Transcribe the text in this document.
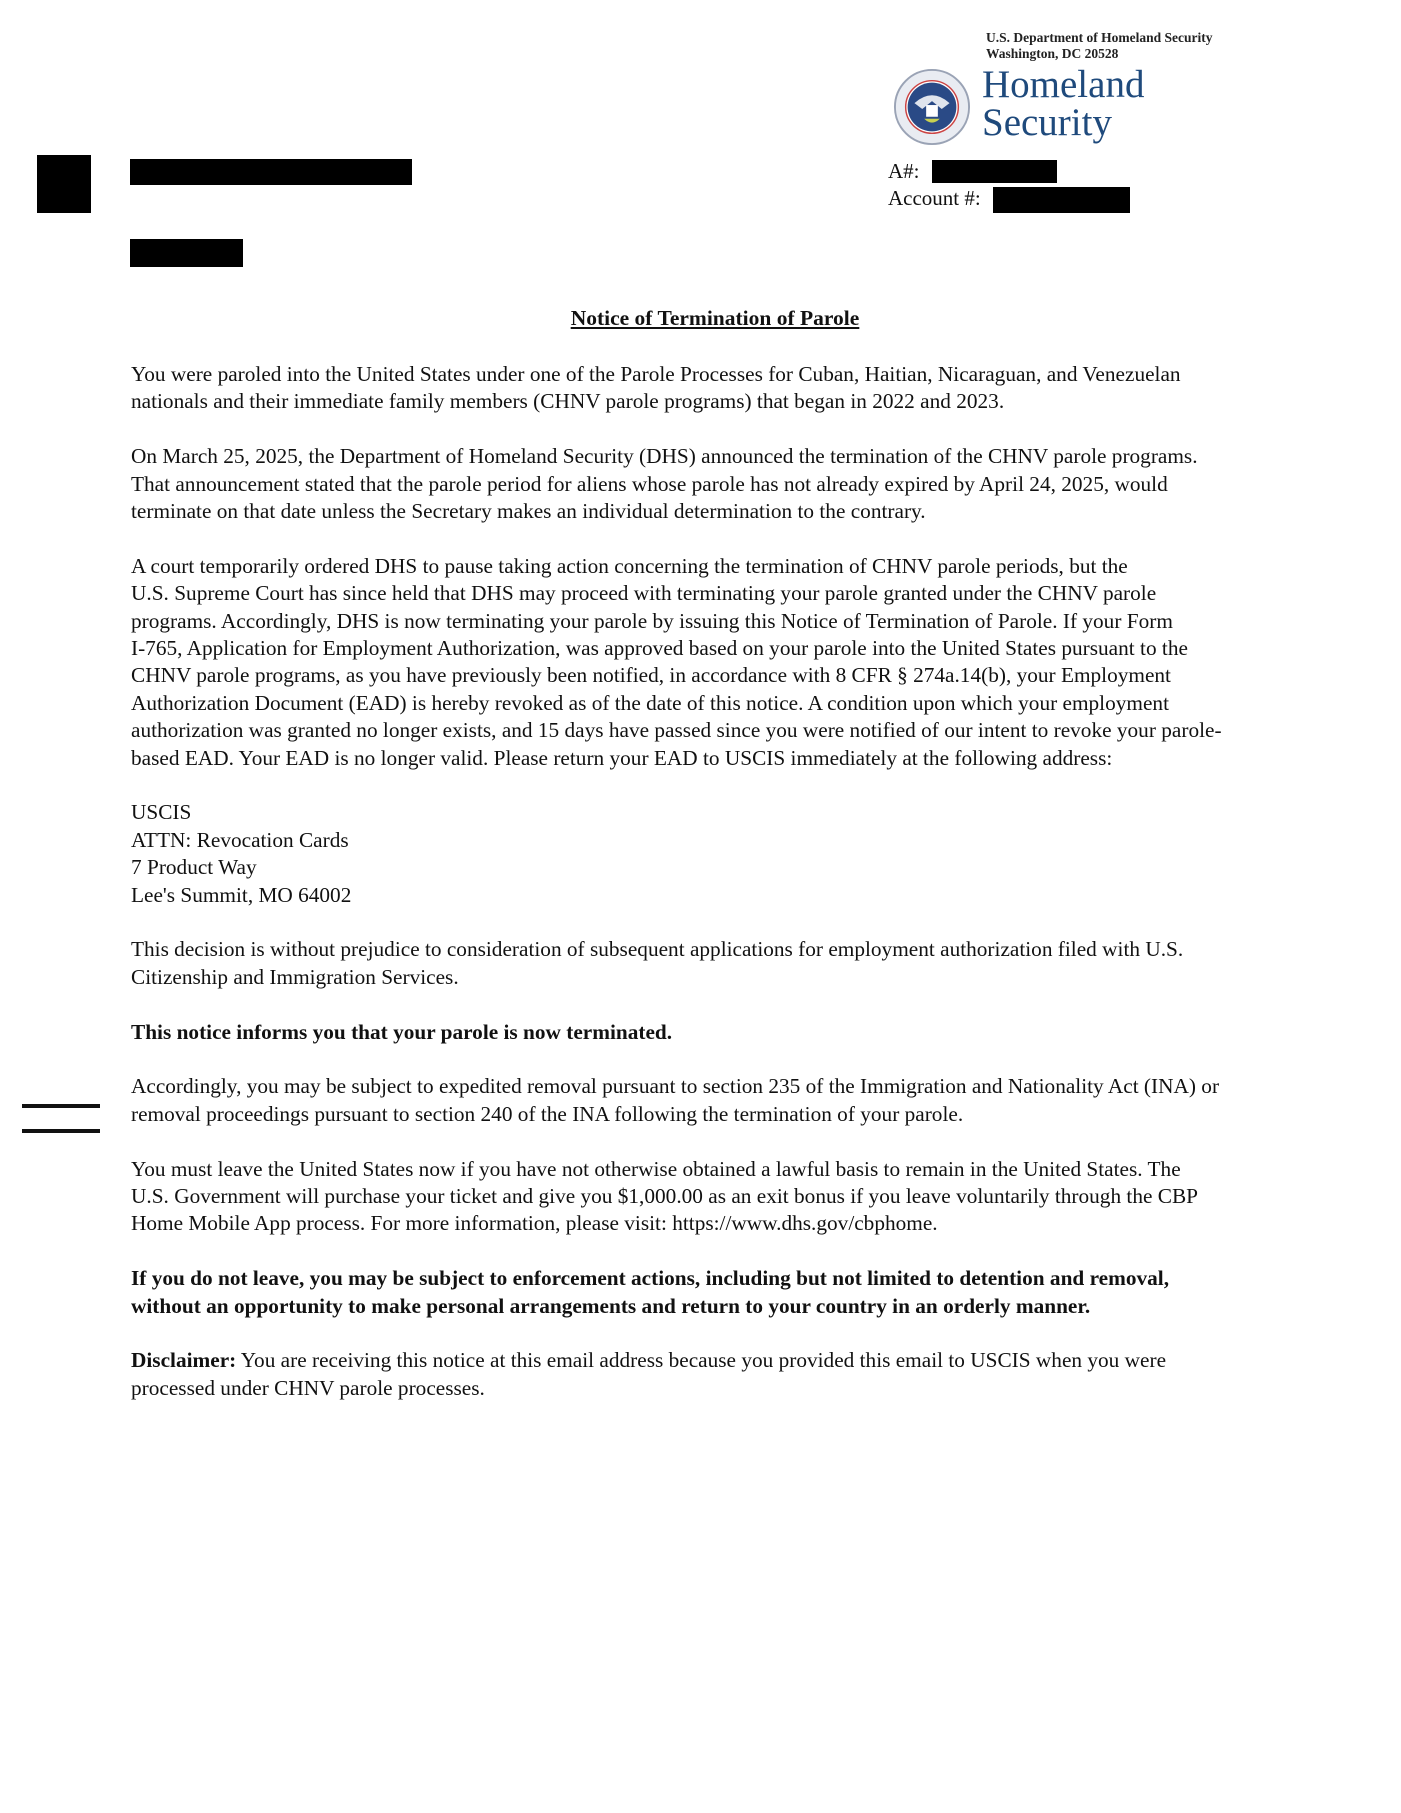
U.S. Department of Homeland Security
Washington, DC 20528
Homeland
Security
A#:
Account #:
Notice of Termination of Parole

You were paroled into the United States under one of the Parole Processes for Cuban, Haitian, Nicaraguan, and Venezuelan
nationals and their immediate family members (CHNV parole programs) that began in 2022 and 2023.

On March 25, 2025, the Department of Homeland Security (DHS) announced the termination of the CHNV parole programs.
That announcement stated that the parole period for aliens whose parole has not already expired by April 24, 2025, would
terminate on that date unless the Secretary makes an individual determination to the contrary.

A court temporarily ordered DHS to pause taking action concerning the termination of CHNV parole periods, but the
U.S. Supreme Court has since held that DHS may proceed with terminating your parole granted under the CHNV parole
programs. Accordingly, DHS is now terminating your parole by issuing this Notice of Termination of Parole. If your Form
I-765, Application for Employment Authorization, was approved based on your parole into the United States pursuant to the
CHNV parole programs, as you have previously been notified, in accordance with 8 CFR § 274a.14(b), your Employment
Authorization Document (EAD) is hereby revoked as of the date of this notice. A condition upon which your employment
authorization was granted no longer exists, and 15 days have passed since you were notified of our intent to revoke your parole-
based EAD. Your EAD is no longer valid. Please return your EAD to USCIS immediately at the following address:

USCIS
ATTN: Revocation Cards
7 Product Way
Lee's Summit, MO 64002

This decision is without prejudice to consideration of subsequent applications for employment authorization filed with U.S.
Citizenship and Immigration Services.

This notice informs you that your parole is now terminated.

Accordingly, you may be subject to expedited removal pursuant to section 235 of the Immigration and Nationality Act (INA) or
removal proceedings pursuant to section 240 of the INA following the termination of your parole.

You must leave the United States now if you have not otherwise obtained a lawful basis to remain in the United States. The
U.S. Government will purchase your ticket and give you $1,000.00 as an exit bonus if you leave voluntarily through the CBP
Home Mobile App process. For more information, please visit: https://www.dhs.gov/cbphome.

If you do not leave, you may be subject to enforcement actions, including but not limited to detention and removal,
without an opportunity to make personal arrangements and return to your country in an orderly manner.

Disclaimer: You are receiving this notice at this email address because you provided this email to USCIS when you were
processed under CHNV parole processes.
